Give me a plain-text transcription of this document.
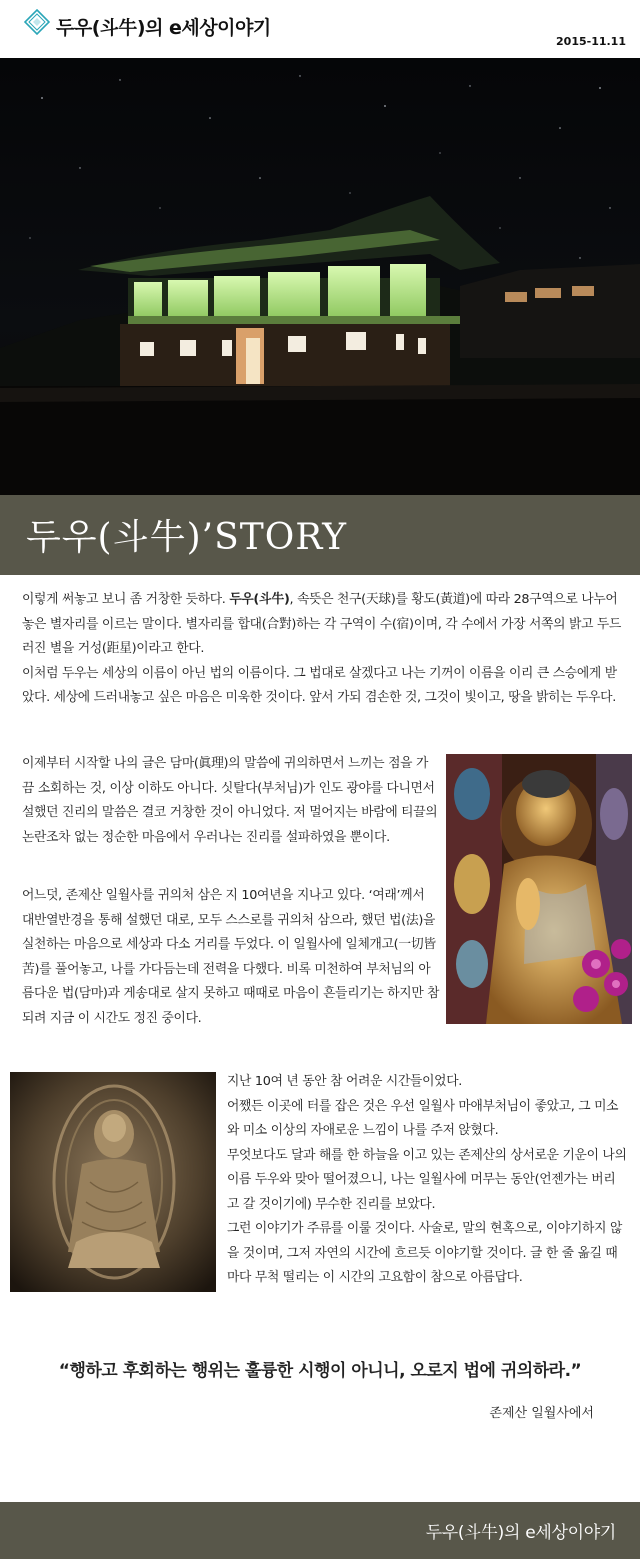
두우(斗牛)의 e세상이야기
2015-11.11
두우(斗牛)’STORY
이렇게 써놓고 보니 좀 거창한 듯하다. 두우(斗牛), 속뜻은 천구(天球)를 황도(黃道)에 따라 28구역으로 나누어 놓은 별자리를 이르는 말이다. 별자리를 합대(合對)하는 각 구역이 수(宿)이며, 각 수에서 가장 서쪽의 밝고 두드러진 별을 거성(距星)이라고 한다.
이처럼 두우는 세상의 이름이 아닌 법의 이름이다. 그 법대로 살겠다고 나는 기꺼이 이름을 이리 큰 스승에게 받았다. 세상에 드러내놓고 싶은 마음은 미욱한 것이다. 앞서 가되 겸손한 것, 그것이 빛이고, 땅을 밝히는 두우다.
이제부터 시작할 나의 글은 담마(眞理)의 말씀에 귀의하면서 느끼는 점을 가끔 소회하는 것, 이상 이하도 아니다. 싯탈다(부처님)가 인도 광야를 다니면서 설했던 진리의 말씀은 결코 거창한 것이 아니었다. 저 멀어지는 바람에 티끌의 논란조차 없는 정순한 마음에서 우러나는 진리를 설파하였을 뿐이다.
어느덧, 존제산 일월사를 귀의처 삼은 지 10여년을 지나고 있다. ‘여래’께서 대반열반경을 통해 설했던 대로, 모두 스스로를 귀의처 삼으라, 했던 법(法)을 실천하는 마음으로 세상과 다소 거리를 두었다. 이 일월사에 일체개고(一切皆苦)를 풀어놓고, 나를 가다듬는데 전력을 다했다. 비록 미천하여 부처님의 아름다운 법(담마)과 게송대로 살지 못하고 때때로 마음이 흔들리기는 하지만 참되려 지금 이 시간도 정진 중이다.
지난 10여 년 동안 참 어려운 시간들이었다.
어쨌든 이곳에 터를 잡은 것은 우선 일월사 마애부처님이 좋았고, 그 미소와 미소 이상의 자애로운 느낌이 나를 주저 앉혔다.
무엇보다도 달과 해를 한 하늘을 이고 있는 존제산의 상서로운 기운이 나의 이름 두우와 맞아 떨어졌으니, 나는 일월사에 머무는 동안(언젠가는 버리고 갈 것이기에) 무수한 진리를 보았다.
그런 이야기가 주류를 이룰 것이다. 사술로, 말의 현혹으로, 이야기하지 않을 것이며, 그저 자연의 시간에 흐르듯 이야기할 것이다. 글 한 줄 옮길 때마다 무척 떨리는 이 시간의 고요함이 참으로 아름답다.
“행하고 후회하는 행위는 훌륭한 시행이 아니니, 오로지 법에 귀의하라.”
존제산 일월사에서
두우(斗牛)의 e세상이야기
